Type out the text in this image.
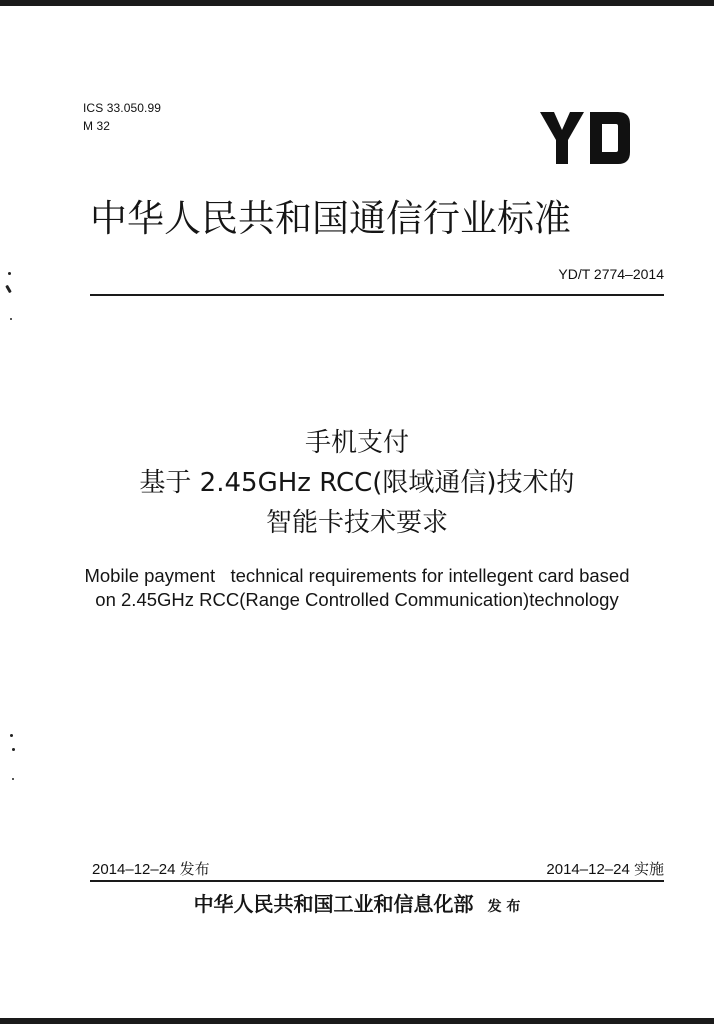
ICS 33.050.99
M 32
中华人民共和国通信行业标准
YD/T 2774–2014
手机支付
基于 2.45GHz RCC(限域通信)技术的
智能卡技术要求
Mobile payment   technical requirements for intellegent card based
on 2.45GHz RCC(Range Controlled Communication)technology
2014–12–24 发布	2014–12–24 实施
中华人民共和国工业和信息化部 发 布
